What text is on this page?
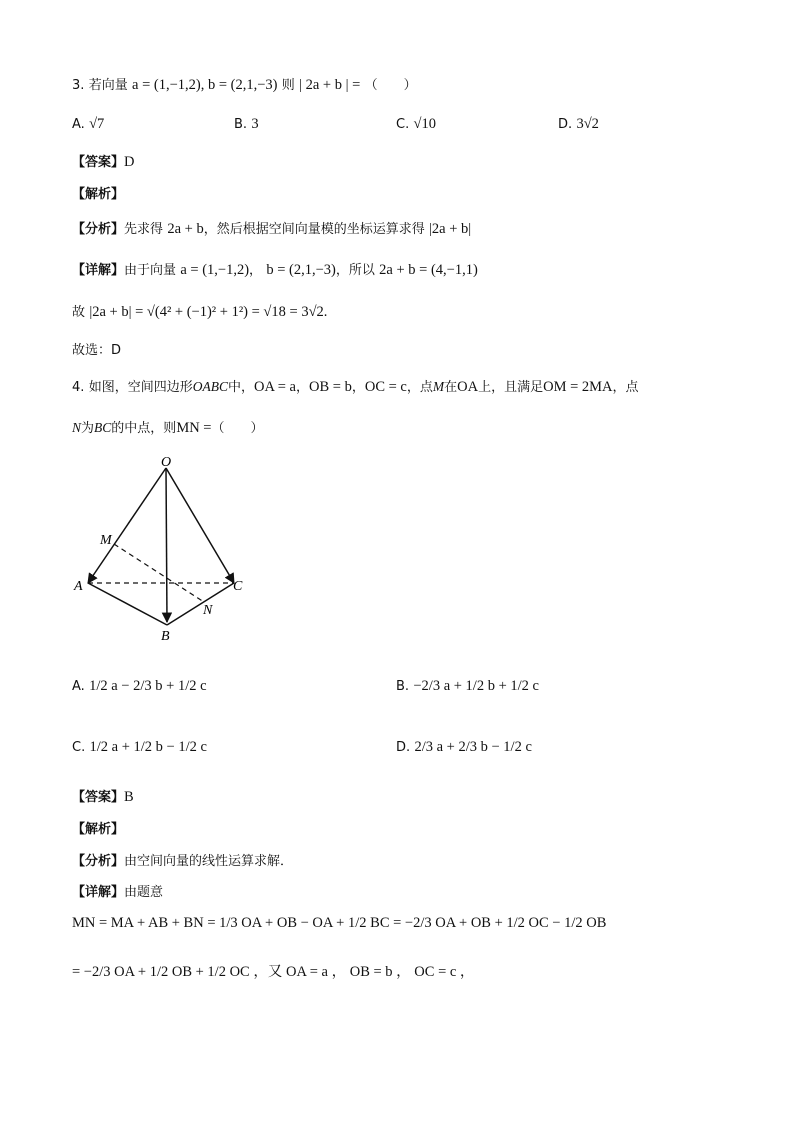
3. 若向量 a = (1,−1,2), b = (2,1,−3) 则 | 2a + b | = （　　）
A. √7	B. 3	C. √10	D. 3√2
【答案】D
【解析】
【分析】先求得 2a + b，然后根据空间向量模的坐标运算求得 |2a + b|
【详解】由于向量 a = (1,−1,2)， b = (2,1,−3)，所以 2a + b = (4,−1,1)
故 |2a + b| = √(4² + (−1)² + 1²) = √18 = 3√2.
故选：D
4. 如图，空间四边形OABC中，OA = a，OB = b，OC = c，点M在OA上，且满足OM = 2MA，点
N为BC的中点，则MN =（　　）
O
M
A	C
N
B
A. 1/2 a − 2/3 b + 1/2 c	B. −2/3 a + 1/2 b + 1/2 c
C. 1/2 a + 1/2 b − 1/2 c	D. 2/3 a + 2/3 b − 1/2 c
【答案】B
【解析】
【分析】由空间向量的线性运算求解．
【详解】由题意
MN = MA + AB + BN = 1/3 OA + OB − OA + 1/2 BC = −2/3 OA + OB + 1/2 OC − 1/2 OB
= −2/3 OA + 1/2 OB + 1/2 OC ，又 OA = a ， OB = b ， OC = c ，
